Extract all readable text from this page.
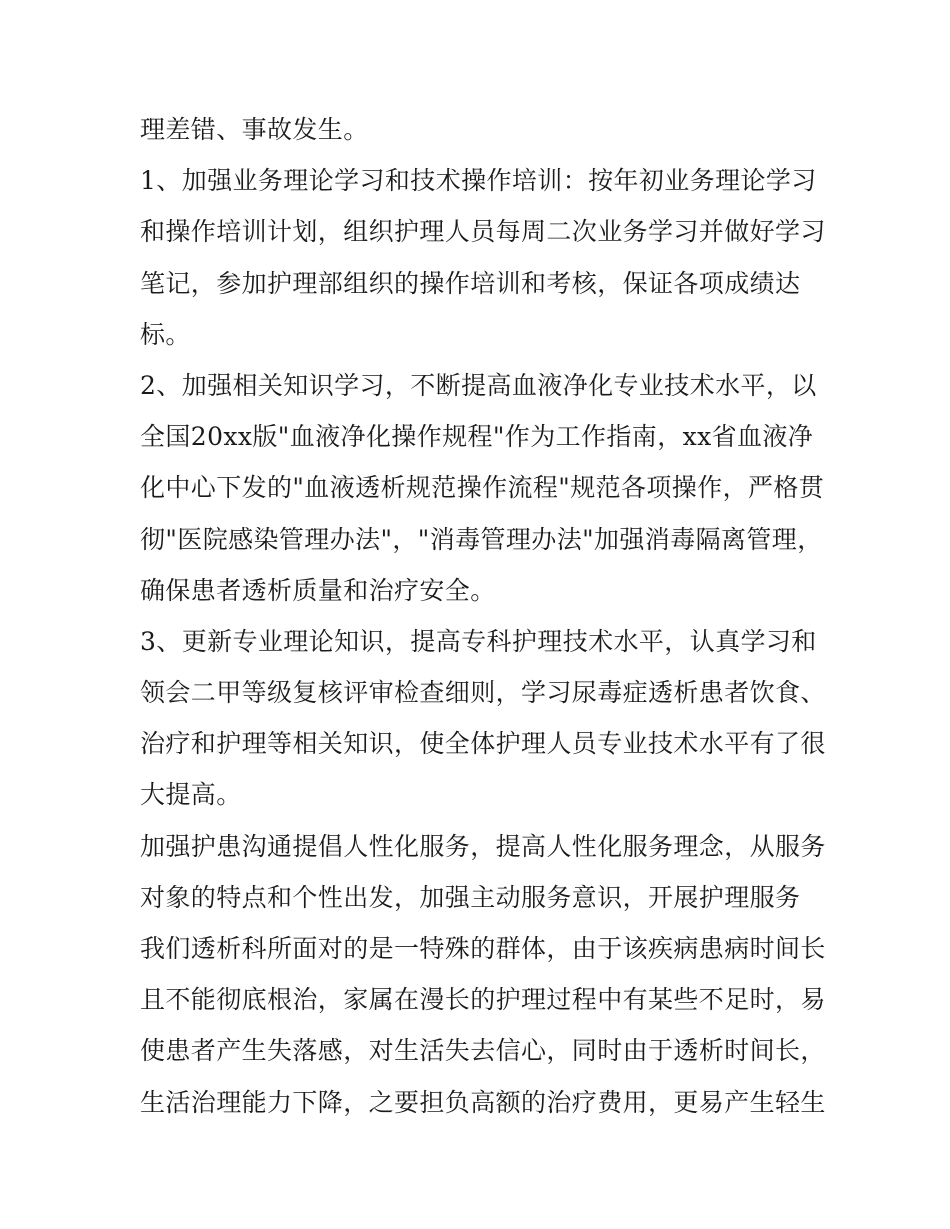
理差错、事故发生。
1、加强业务理论学习和技术操作培训：按年初业务理论学习
和操作培训计划，组织护理人员每周二次业务学习并做好学习
笔记，参加护理部组织的操作培训和考核，保证各项成绩达
标。
2、加强相关知识学习，不断提高血液净化专业技术水平，以
全国20xx版"血液净化操作规程"作为工作指南，xx省血液净
化中心下发的"血液透析规范操作流程"规范各项操作，严格贯
彻"医院感染管理办法"，"消毒管理办法"加强消毒隔离管理，
确保患者透析质量和治疗安全。
3、更新专业理论知识，提高专科护理技术水平，认真学习和
领会二甲等级复核评审检查细则，学习尿毒症透析患者饮食、
治疗和护理等相关知识，使全体护理人员专业技术水平有了很
大提高。
加强护患沟通提倡人性化服务，提高人性化服务理念，从服务
对象的特点和个性出发，加强主动服务意识，开展护理服务
我们透析科所面对的是一特殊的群体，由于该疾病患病时间长
且不能彻底根治，家属在漫长的护理过程中有某些不足时，易
使患者产生失落感，对生活失去信心，同时由于透析时间长，
生活治理能力下降，之要担负高额的治疗费用，更易产生轻生
